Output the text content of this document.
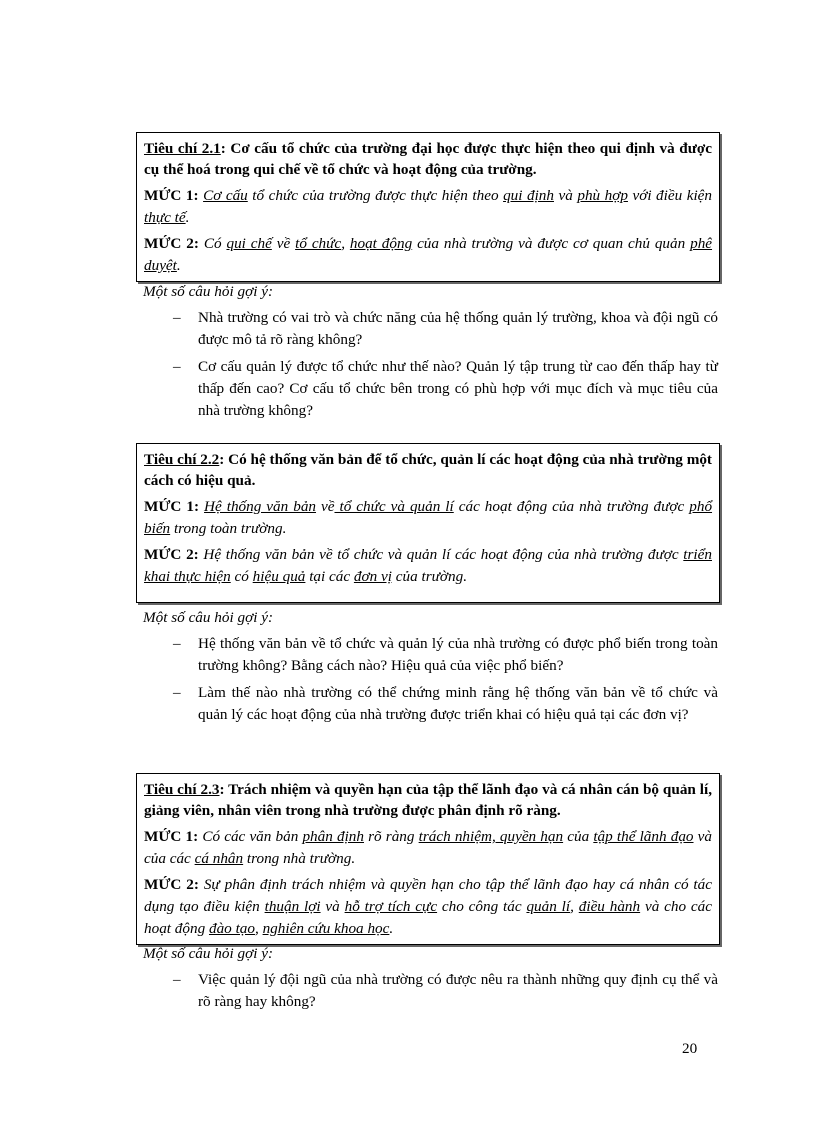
Tiêu chí 2.1: Cơ cấu tổ chức của trường đại học được thực hiện theo qui định và được cụ thể hoá trong qui chế về tổ chức và hoạt động của trường.

MỨC 1: Cơ cấu tổ chức của trường được thực hiện theo qui định và phù hợp với điều kiện thực tế.

MỨC 2: Có qui chế về tổ chức, hoạt động của nhà trường và được cơ quan chủ quản phê duyệt.

Một số câu hỏi gợi ý:

– Nhà trường có vai trò và chức năng của hệ thống quản lý trường, khoa và đội ngũ có được mô tả rõ ràng không?
– Cơ cấu quản lý được tổ chức như thế nào? Quản lý tập trung từ cao đến thấp hay từ thấp đến cao? Cơ cấu tổ chức bên trong có phù hợp với mục đích và mục tiêu của nhà trường không?

Tiêu chí 2.2: Có hệ thống văn bản để tổ chức, quản lí các hoạt động của nhà trường một cách có hiệu quả.

MỨC 1: Hệ thống văn bản về tổ chức và quản lí các hoạt động của nhà trường được phổ biến trong toàn trường.

MỨC 2: Hệ thống văn bản về tổ chức và quản lí các hoạt động của nhà trường được triển khai thực hiện có hiệu quả tại các đơn vị của trường.

Một số câu hỏi gợi ý:

– Hệ thống văn bản về tổ chức và quản lý của nhà trường có được phổ biến trong toàn trường không? Bằng cách nào? Hiệu quả của việc phổ biến?
– Làm thế nào nhà trường có thể chứng minh rằng hệ thống văn bản về tổ chức và quản lý các hoạt động của nhà trường được triển khai có hiệu quả tại các đơn vị?

Tiêu chí 2.3: Trách nhiệm và quyền hạn của tập thể lãnh đạo và cá nhân cán bộ quản lí, giảng viên, nhân viên trong nhà trường được phân định rõ ràng.

MỨC 1: Có các văn bản phân định rõ ràng trách nhiệm, quyền hạn của tập thể lãnh đạo và của các cá nhân trong nhà trường.

MỨC 2: Sự phân định trách nhiệm và quyền hạn cho tập thể lãnh đạo hay cá nhân có tác dụng tạo điều kiện thuận lợi và hỗ trợ tích cực cho công tác quản lí, điều hành và cho các hoạt động đào tạo, nghiên cứu khoa học.

Một số câu hỏi gợi ý:

– Việc quản lý đội ngũ của nhà trường có được nêu ra thành những quy định cụ thể và rõ ràng hay không?
20
